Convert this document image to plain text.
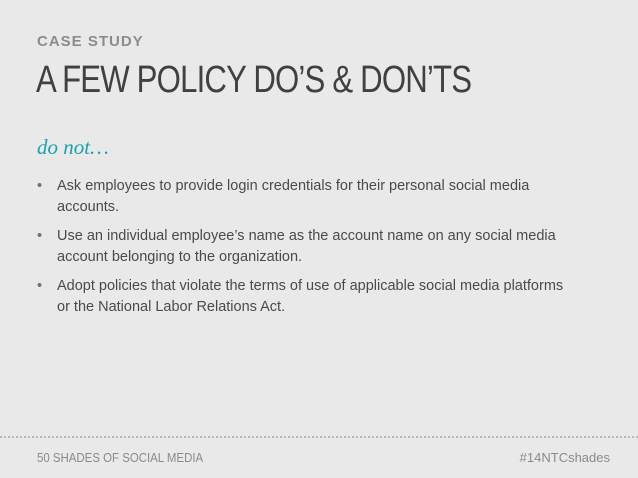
CASE STUDY
A FEW POLICY DO’S & DON’TS
do not…
• Ask employees to provide login credentials for their personal social media accounts.
• Use an individual employee’s name as the account name on any social media account belonging to the organization.
• Adopt policies that violate the terms of use of applicable social media platforms or the National Labor Relations Act.
50 SHADES OF SOCIAL MEDIA	#14NTCshades
